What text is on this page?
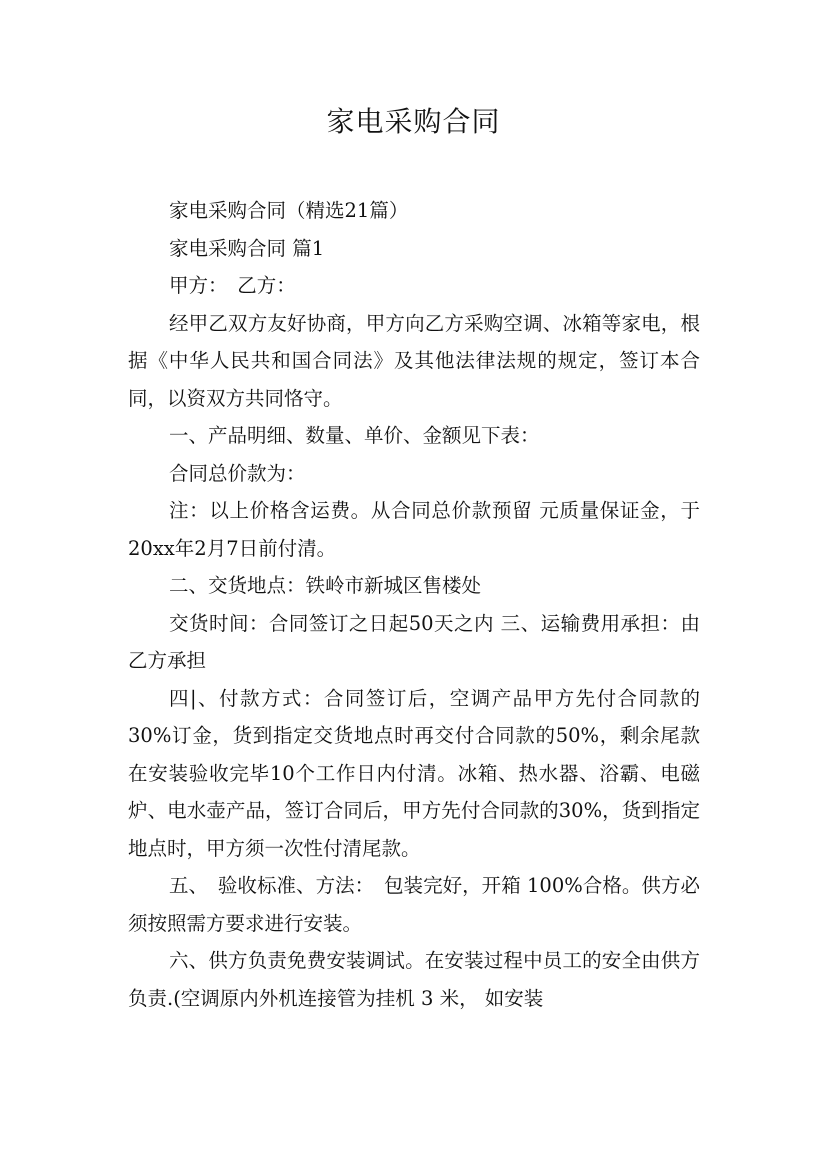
家电采购合同

家电采购合同（精选21篇）

家电采购合同 篇1

甲方：　乙方：

经甲乙双方友好协商，甲方向乙方采购空调、冰箱等家电，根据《中华人民共和国合同法》及其他法律法规的规定，签订本合同，以资双方共同恪守。

一、产品明细、数量、单价、金额见下表：

合同总价款为：

注：以上价格含运费。从合同总价款预留 元质量保证金，于20xx年2月7日前付清。

二、交货地点：铁岭市新城区售楼处

交货时间：合同签订之日起50天之内 三、运输费用承担：由乙方承担

四|、付款方式：合同签订后，空调产品甲方先付合同款的30%订金，货到指定交货地点时再交付合同款的50%，剩余尾款在安装验收完毕10个工作日内付清。冰箱、热水器、浴霸、电磁炉、电水壶产品，签订合同后，甲方先付合同款的30%，货到指定地点时，甲方须一次性付清尾款。

五、　验收标准、方法：　包装完好，开箱 100%合格。供方必须按照需方要求进行安装。

六、供方负责免费安装调试。在安装过程中员工的安全由供方负责.(空调原内外机连接管为挂机 3 米， 如安装
